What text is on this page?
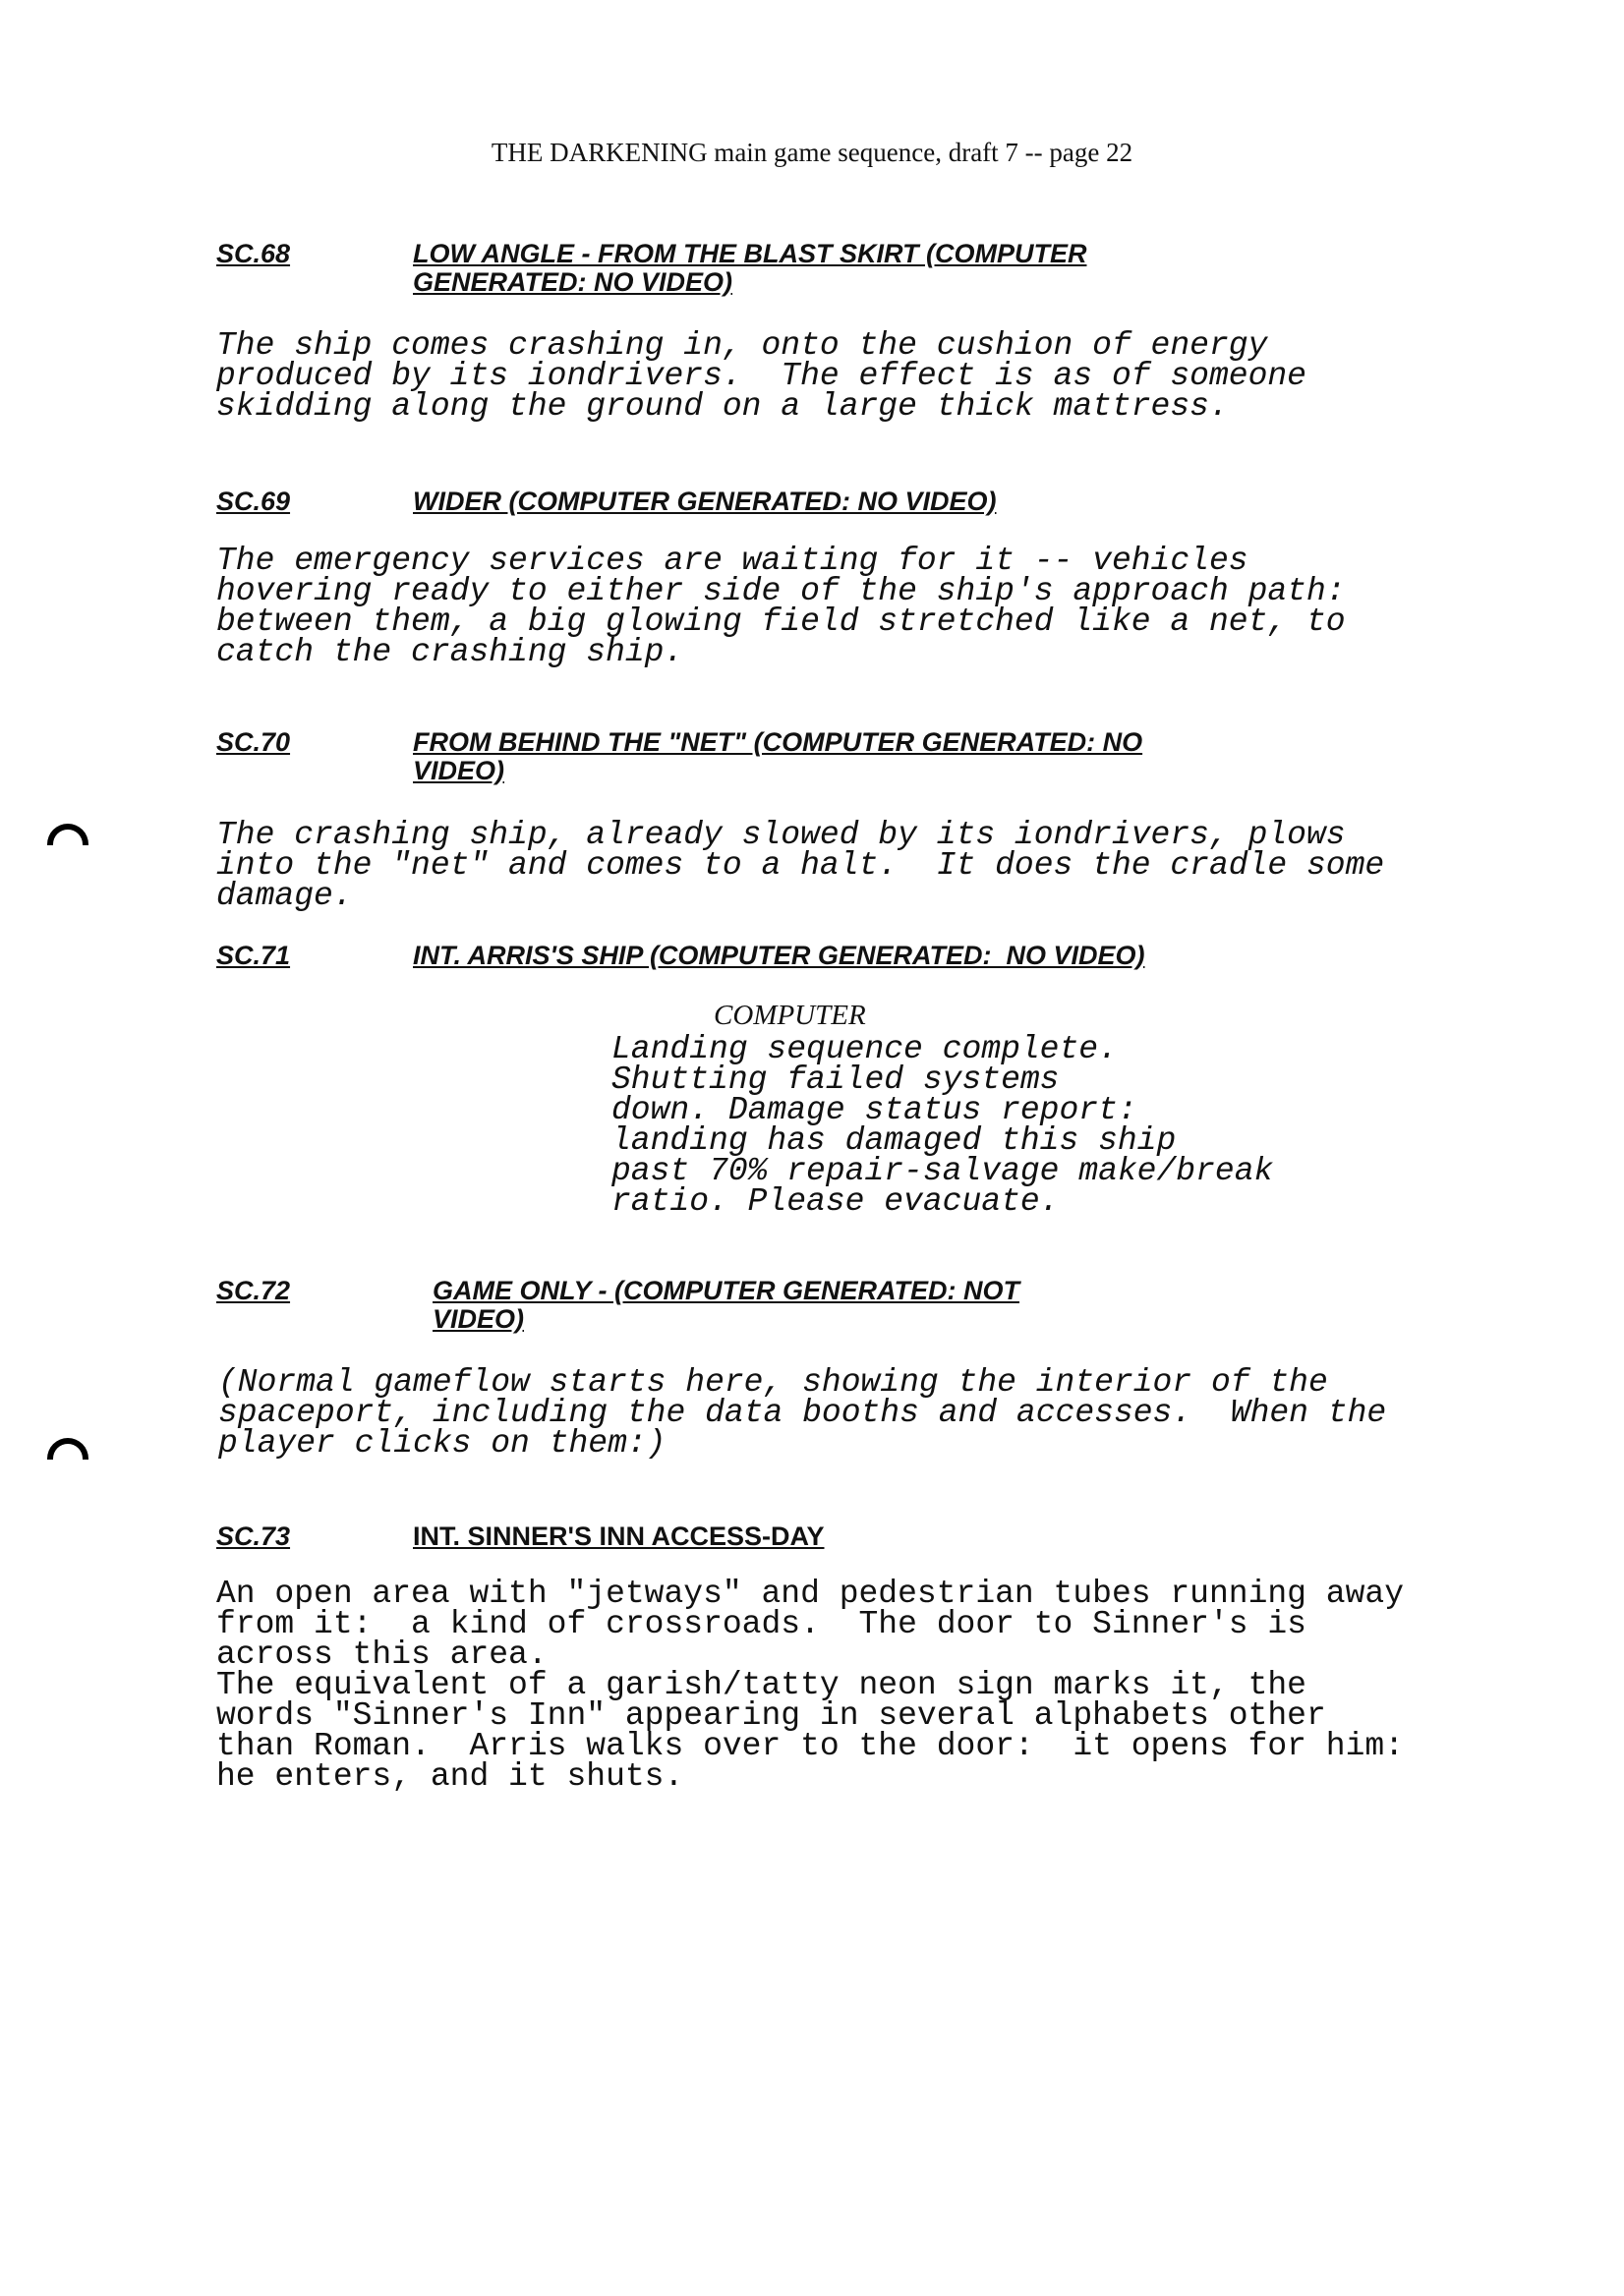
THE DARKENING main game sequence, draft 7 -- page 22
SC.68	LOW ANGLE - FROM THE BLAST SKIRT (COMPUTER
GENERATED: NO VIDEO)
The ship comes crashing in, onto the cushion of energy
produced by its iondrivers.  The effect is as of someone
skidding along the ground on a large thick mattress.
SC.69	WIDER (COMPUTER GENERATED: NO VIDEO)
The emergency services are waiting for it -- vehicles
hovering ready to either side of the ship's approach path:
between them, a big glowing field stretched like a net, to
catch the crashing ship.
SC.70	FROM BEHIND THE "NET" (COMPUTER GENERATED: NO
VIDEO)
The crashing ship, already slowed by its iondrivers, plows
into the "net" and comes to a halt.  It does the cradle some
damage.
SC.71	INT. ARRIS'S SHIP (COMPUTER GENERATED:  NO VIDEO)
COMPUTER
Landing sequence complete.
Shutting failed systems
down. Damage status report:
landing has damaged this ship
past 70% repair-salvage make/break
ratio. Please evacuate.
SC.72	GAME ONLY - (COMPUTER GENERATED: NOT
VIDEO)
(Normal gameflow starts here, showing the interior of the
spaceport, including the data booths and accesses.  When the
player clicks on them:)
SC.73	INT. SINNER'S INN ACCESS-DAY
An open area with "jetways" and pedestrian tubes running away
from it:  a kind of crossroads.  The door to Sinner's is
across this area.
The equivalent of a garish/tatty neon sign marks it, the
words "Sinner's Inn" appearing in several alphabets other
than Roman.  Arris walks over to the door:  it opens for him:
he enters, and it shuts.
